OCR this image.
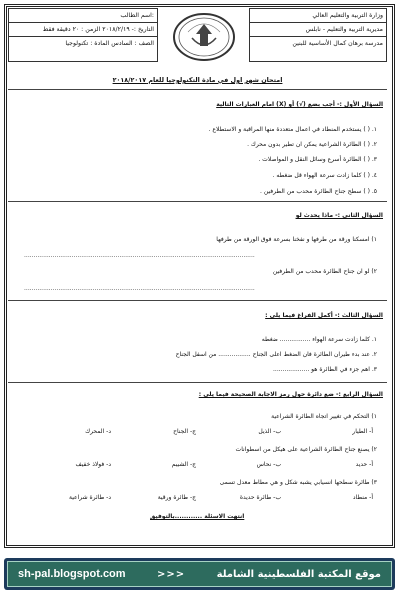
وزارة التربية والتعليم العالي
مديرية التربية والتعليم - نابلس
مدرسة برهان كمال الأساسية للبنين
اسم الطالب:
التاريخ :- ٢٠١٨/٢/١٩ الزمن : ٢٠ دقيقة فقط
الصف : السادس المادة : تكنولوجيا
امتحان شهر اول في مادة التكنولوجيا للعام ٢٠١٨/٢٠١٧
السؤال الأول :- أجب بضع (√) أو (X) امام العبارات التالية
١. ( ) يستخدم المنطاد في اعمال متعددة منها المراقبة و الاستطلاع .
٢. ( ) الطائرة الشراعية يمكن ان تطير بدون محرك .
٣. ( ) الطائرة أسرع وسائل النقل و المواصلات .
٤. ( ) كلما زادت سرعة الهواء قل ضغطه .
٥. ( ) سطح جناح الطائرة محدب من الطرفين .
السؤال الثاني :- ماذا يحدث لو
١) امسكنا ورقة من طرفها و نفخنا بسرعة فوق الورقة من طرفها
.........................................................................................................................
٢) لو ان جناح الطائرة محدب من الطرفين
.........................................................................................................................
السؤال الثالث :- أكمل الفراغ فيما يلي :
١. كلما زادت سرعة الهواء ................ ضغطه
٢. عند بدء طيران الطائرة فان الضغط اعلى الجناح ................. من اسفل الجناح
٣. اهم جزء في الطائرة هو ...................
السؤال الرابع :- ضع دائرة حول رمز الاجابة الصحيحة فيما يلي :
١) التحكم في تغيير اتجاه الطائرة الشراعية
أ- الطيار
ب- الذيل
ج- الجناح
د- المحرك
٢) يصنع جناح الطائرة الشراعية على هيكل من اسطوانات
أ- حديد
ب- نحاس
ج- الشيبم
د- فولاذ خفيف
٣) طائرة سطحها انسيابي يشبه شكل و هي مطاط معدل تسمى
أ- منطاد
ب- طائرة حديدة
ج- طائرة ورقية
د- طائرة شراعية
انتهت الاسئلة ............بالتوفيق
sh-pal.blogspot.com	>>>	موقع المكتبة الفلسطينية الشاملة
